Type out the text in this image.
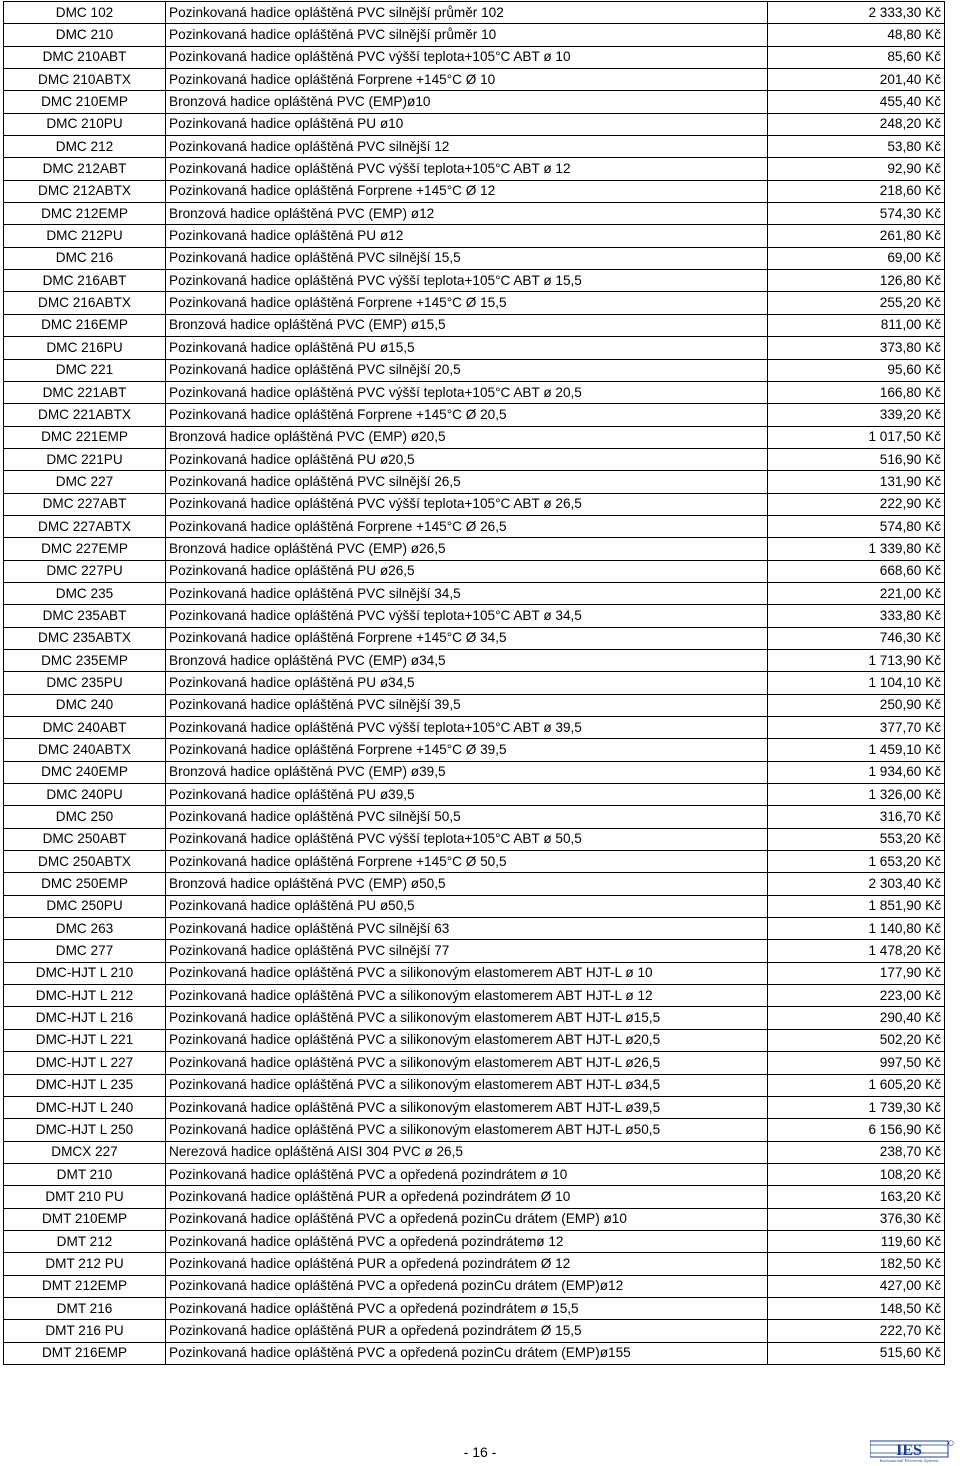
DMC 102	Pozinkovaná hadice opláštěná PVC silnější průměr 102	2 333,30 Kč
DMC 210	Pozinkovaná hadice opláštěná PVC silnější průměr 10	48,80 Kč
DMC 210ABT	Pozinkovaná hadice opláštěná PVC výšší teplota+105°C ABT ø 10	85,60 Kč
DMC 210ABTX	Pozinkovaná hadice opláštěná Forprene +145°C Ø 10	201,40 Kč
DMC 210EMP	Bronzová hadice opláštěná PVC (EMP)ø10	455,40 Kč
DMC 210PU	Pozinkovaná hadice opláštěná PU ø10	248,20 Kč
DMC 212	Pozinkovaná hadice opláštěná PVC silnější 12	53,80 Kč
DMC 212ABT	Pozinkovaná hadice opláštěná PVC výšší teplota+105°C ABT ø 12	92,90 Kč
DMC 212ABTX	Pozinkovaná hadice opláštěná Forprene +145°C Ø 12	218,60 Kč
DMC 212EMP	Bronzová hadice opláštěná PVC (EMP) ø12	574,30 Kč
DMC 212PU	Pozinkovaná hadice opláštěná PU ø12	261,80 Kč
DMC 216	Pozinkovaná hadice opláštěná PVC silnější 15,5	69,00 Kč
DMC 216ABT	Pozinkovaná hadice opláštěná PVC výšší teplota+105°C ABT ø 15,5	126,80 Kč
DMC 216ABTX	Pozinkovaná hadice opláštěná Forprene +145°C Ø 15,5	255,20 Kč
DMC 216EMP	Bronzová hadice opláštěná PVC (EMP) ø15,5	811,00 Kč
DMC 216PU	Pozinkovaná hadice opláštěná PU ø15,5	373,80 Kč
DMC 221	Pozinkovaná hadice opláštěná PVC silnější 20,5	95,60 Kč
DMC 221ABT	Pozinkovaná hadice opláštěná PVC výšší teplota+105°C ABT ø 20,5	166,80 Kč
DMC 221ABTX	Pozinkovaná hadice opláštěná Forprene +145°C Ø 20,5	339,20 Kč
DMC 221EMP	Bronzová hadice opláštěná PVC (EMP) ø20,5	1 017,50 Kč
DMC 221PU	Pozinkovaná hadice opláštěná PU ø20,5	516,90 Kč
DMC 227	Pozinkovaná hadice opláštěná PVC silnější 26,5	131,90 Kč
DMC 227ABT	Pozinkovaná hadice opláštěná PVC výšší teplota+105°C ABT ø 26,5	222,90 Kč
DMC 227ABTX	Pozinkovaná hadice opláštěná Forprene +145°C Ø 26,5	574,80 Kč
DMC 227EMP	Bronzová hadice opláštěná PVC (EMP) ø26,5	1 339,80 Kč
DMC 227PU	Pozinkovaná hadice opláštěná PU ø26,5	668,60 Kč
DMC 235	Pozinkovaná hadice opláštěná PVC silnější 34,5	221,00 Kč
DMC 235ABT	Pozinkovaná hadice opláštěná PVC výšší teplota+105°C ABT ø 34,5	333,80 Kč
DMC 235ABTX	Pozinkovaná hadice opláštěná Forprene +145°C Ø 34,5	746,30 Kč
DMC 235EMP	Bronzová hadice opláštěná PVC (EMP) ø34,5	1 713,90 Kč
DMC 235PU	Pozinkovaná hadice opláštěná PU ø34,5	1 104,10 Kč
DMC 240	Pozinkovaná hadice opláštěná PVC silnější 39,5	250,90 Kč
DMC 240ABT	Pozinkovaná hadice opláštěná PVC výšší teplota+105°C ABT ø 39,5	377,70 Kč
DMC 240ABTX	Pozinkovaná hadice opláštěná Forprene +145°C Ø 39,5	1 459,10 Kč
DMC 240EMP	Bronzová hadice opláštěná PVC (EMP) ø39,5	1 934,60 Kč
DMC 240PU	Pozinkovaná hadice opláštěná PU ø39,5	1 326,00 Kč
DMC 250	Pozinkovaná hadice opláštěná PVC silnější 50,5	316,70 Kč
DMC 250ABT	Pozinkovaná hadice opláštěná PVC výšší teplota+105°C ABT ø 50,5	553,20 Kč
DMC 250ABTX	Pozinkovaná hadice opláštěná Forprene +145°C Ø 50,5	1 653,20 Kč
DMC 250EMP	Bronzová hadice opláštěná PVC (EMP) ø50,5	2 303,40 Kč
DMC 250PU	Pozinkovaná hadice opláštěná PU ø50,5	1 851,90 Kč
DMC 263	Pozinkovaná hadice opláštěná PVC silnější 63	1 140,80 Kč
DMC 277	Pozinkovaná hadice opláštěná PVC silnější 77	1 478,20 Kč
DMC-HJT L 210	Pozinkovaná hadice opláštěná PVC a silikonovým elastomerem ABT HJT-L ø 10	177,90 Kč
DMC-HJT L 212	Pozinkovaná hadice opláštěná PVC a silikonovým elastomerem ABT HJT-L ø 12	223,00 Kč
DMC-HJT L 216	Pozinkovaná hadice opláštěná PVC a silikonovým elastomerem ABT HJT-L ø15,5	290,40 Kč
DMC-HJT L 221	Pozinkovaná hadice opláštěná PVC a silikonovým elastomerem ABT HJT-L ø20,5	502,20 Kč
DMC-HJT L 227	Pozinkovaná hadice opláštěná PVC a silikonovým elastomerem ABT HJT-L ø26,5	997,50 Kč
DMC-HJT L 235	Pozinkovaná hadice opláštěná PVC a silikonovým elastomerem ABT HJT-L ø34,5	1 605,20 Kč
DMC-HJT L 240	Pozinkovaná hadice opláštěná PVC a silikonovým elastomerem ABT HJT-L ø39,5	1 739,30 Kč
DMC-HJT L 250	Pozinkovaná hadice opláštěná PVC a silikonovým elastomerem ABT HJT-L ø50,5	6 156,90 Kč
DMCX 227	Nerezová hadice opláštěná AISI 304 PVC ø 26,5	238,70 Kč
DMT 210	Pozinkovaná hadice opláštěná PVC a opředená pozindrátem ø 10	108,20 Kč
DMT 210 PU	Pozinkovaná hadice opláštěná PUR a opředená pozindrátem Ø 10	163,20 Kč
DMT 210EMP	Pozinkovaná hadice opláštěná PVC a opředená pozinCu drátem (EMP) ø10	376,30 Kč
DMT 212	Pozinkovaná hadice opláštěná PVC a opředená pozindrátemø 12	119,60 Kč
DMT 212 PU	Pozinkovaná hadice opláštěná PUR a opředená pozindrátem Ø 12	182,50 Kč
DMT 212EMP	Pozinkovaná hadice opláštěná PVC a opředená pozinCu drátem (EMP)ø12	427,00 Kč
DMT 216	Pozinkovaná hadice opláštěná PVC a opředená pozindrátem ø 15,5	148,50 Kč
DMT 216 PU	Pozinkovaná hadice opláštěná PUR a opředená pozindrátem Ø 15,5	222,70 Kč
DMT 216EMP	Pozinkovaná hadice opláštěná PVC a opředená pozinCu drátem (EMP)ø155	515,60 Kč
- 16 -	IES
International Electronic Systems
